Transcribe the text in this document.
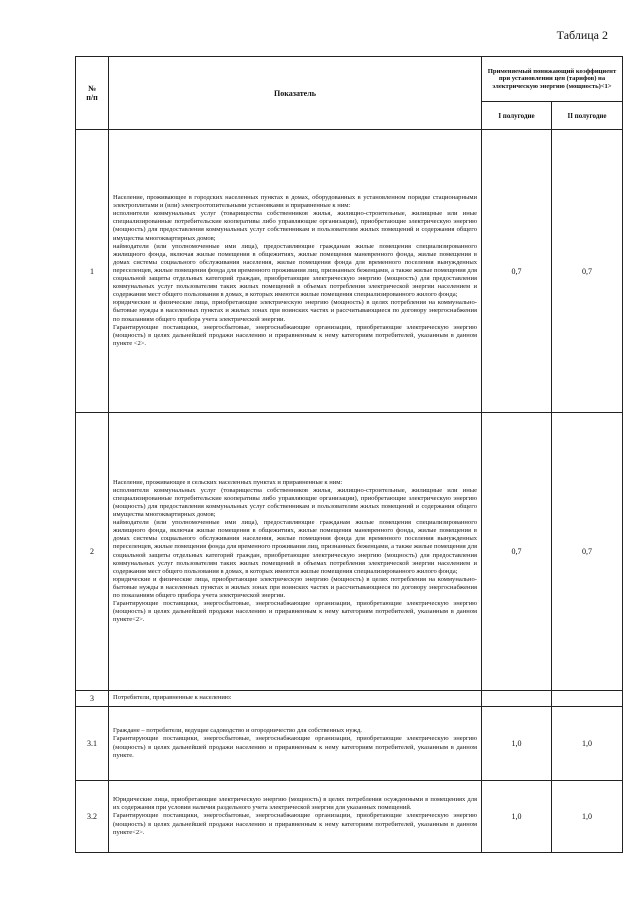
Таблица 2
№
п/п	Показатель	Применяемый понижающий коэффициент при установлении цен (тарифов) на электрическую энергию (мощность)<1>	
		I полугодие	II полугодие
1	Население, проживающее в городских населенных пунктах в домах, оборудованных в установленном порядке стационарными электроплитами и (или) электроотопительными установками и приравненные к ним:

исполнители коммунальных услуг (товарищества собственников жилья, жилищно-строительные, жилищные или иные специализированные потребительские кооперативы либо управляющие организации), приобретающие электрическую энергию (мощность) для предоставления коммунальных услуг собственникам и пользователям жилых помещений и содержания общего имущества многоквартирных домов;

наймодатели (или уполномоченные ими лица), предоставляющие гражданам жилые помещения специализированного жилищного фонда, включая жилые помещения в общежитиях, жилые помещения маневренного фонда, жилые помещения в домах системы социального обслуживания населения, жилые помещения фонда для временного поселения вынужденных переселенцев, жилые помещения фонда для временного проживания лиц, признанных беженцами, а также жилые помещения для социальной защиты отдельных категорий граждан, приобретающие электрическую энергию (мощность) для предоставления коммунальных услуг пользователям таких жилых помещений в объемах потребления электрической энергии населением и содержания мест общего пользования в домах, в которых имеются жилые помещения специализированного жилого фонда;

юридические и физические лица, приобретающие электрическую энергию (мощность) в целях потребления на коммунально-бытовые нужды в населенных пунктах и жилых зонах при воинских частях и рассчитывающиеся по договору энергоснабжения по показаниям общего прибора учета электрической энергии.

Гарантирующие поставщики, энергосбытовые, энергоснабжающие организации, приобретающие электрическую энергию (мощность) в целях дальнейшей продажи населению и приравненным к нему категориям потребителей, указанным в данном пункте <2>.	0,7	0,7
2	Население, проживающее в сельских населенных пунктах и приравненные к ним:

исполнители коммунальных услуг (товарищества собственников жилья, жилищно-строительные, жилищные или иные специализированные потребительские кооперативы либо управляющие организации), приобретающие электрическую энергию (мощность) для предоставления коммунальных услуг собственникам и пользователям жилых помещений и содержания общего имущества многоквартирных домов;

наймодатели (или уполномоченные ими лица), предоставляющие гражданам жилые помещения специализированного жилищного фонда, включая жилые помещения в общежитиях, жилые помещения маневренного фонда, жилые помещения в домах системы социального обслуживания населения, жилые помещения фонда для временного поселения вынужденных переселенцев, жилые помещения фонда для временного проживания лиц, признанных беженцами, а также жилые помещения для социальной защиты отдельных категорий граждан, приобретающие электрическую энергию (мощность) для предоставления коммунальных услуг пользователям таких жилых помещений в объемах потребления электрической энергии населением и содержания мест общего пользования в домах, в которых имеются жилые помещения специализированного жилого фонда;

юридические и физические лица, приобретающие электрическую энергию (мощность) в целях потребления на коммунально-бытовые нужды в населенных пунктах и жилых зонах при воинских частях и рассчитывающиеся по договору энергоснабжения по показаниям общего прибора учета электрической энергии.

Гарантирующие поставщики, энергосбытовые, энергоснабжающие организации, приобретающие электрическую энергию (мощность) в целях дальнейшей продажи населению и приравненным к нему категориям потребителей, указанным в данном пункте<2>.	0,7	0,7
3	Потребители, приравненные к населению:		

3.1	Граждане – потребители, ведущие садоводство и огородничество для собственных нужд.

Гарантирующие поставщики, энергосбытовые, энергоснабжающие организации, приобретающие электрическую энергию (мощность) в целях дальнейшей продажи населению и приравненным к нему категориям потребителей, указанным в данном пункте.	1,0	1,0
3.2	Юридические лица, приобретающие электрическую энергию (мощность) в целях потребления осужденными в помещениях для их содержания при условии наличия раздельного учета электрической энергии для указанных помещений.

Гарантирующие поставщики, энергосбытовые, энергоснабжающие организации, приобретающие электрическую энергию (мощность) в целях дальнейшей продажи населению и приравненным к нему категориям потребителей, указанным в данном пункте<2>.	1,0	1,0
